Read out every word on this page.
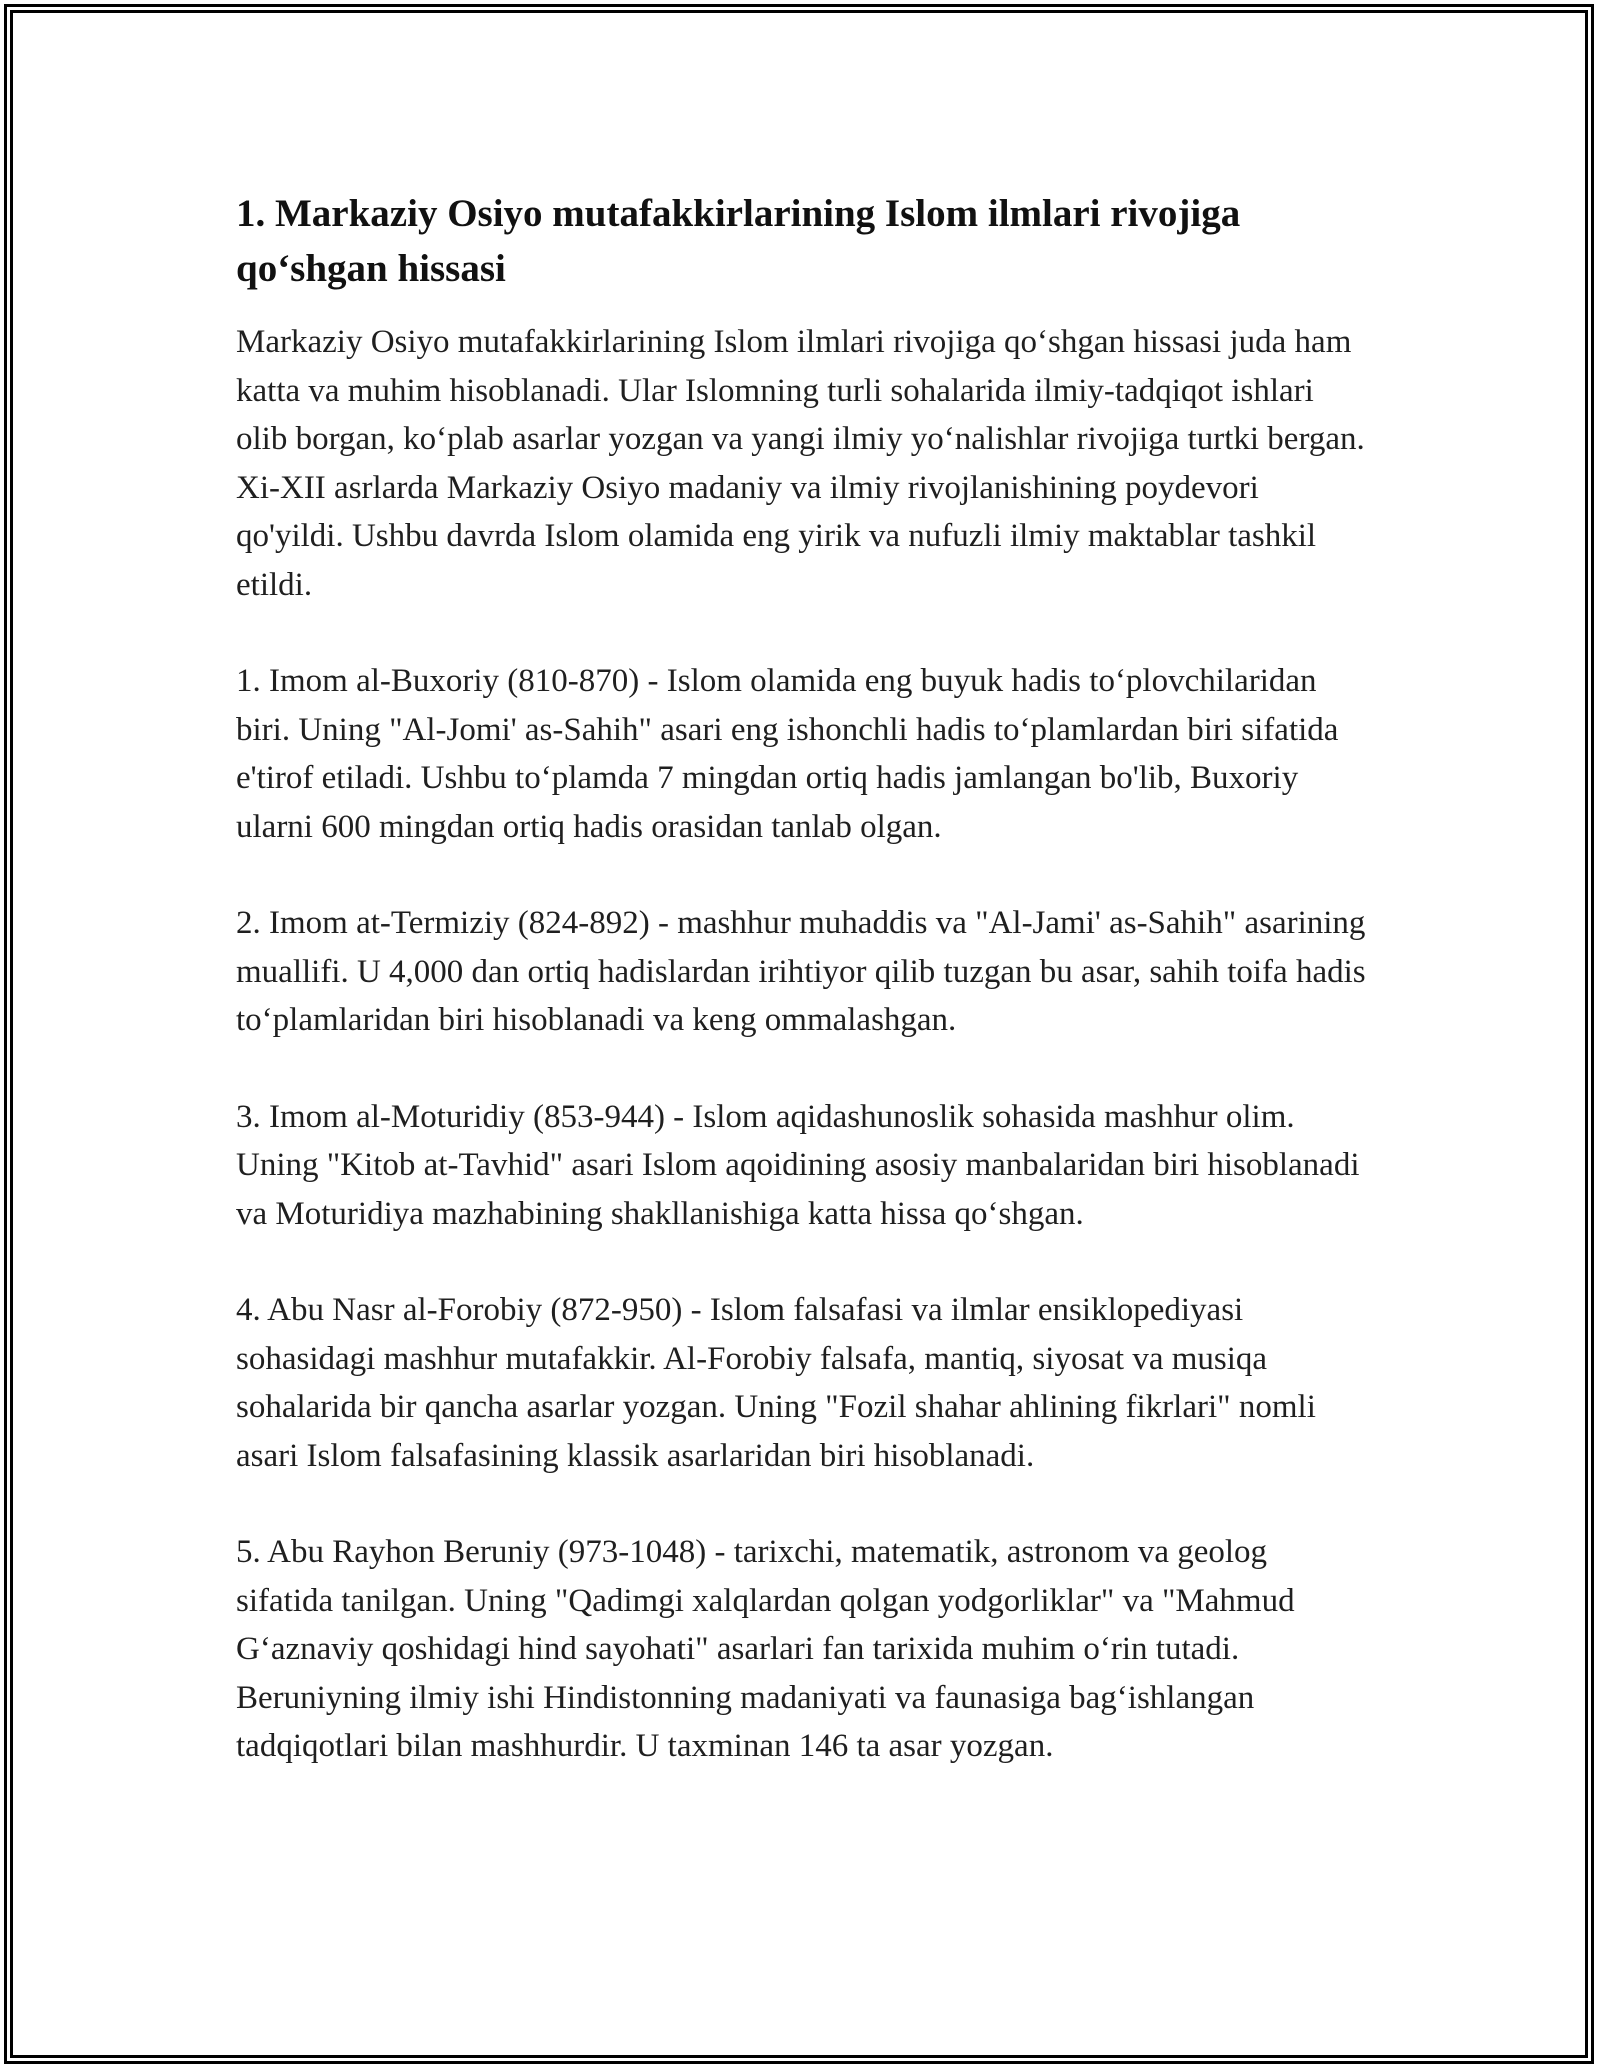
1. Markaziy Osiyo mutafakkirlarining Islom ilmlari rivojiga qo‘shgan hissasi

Markaziy Osiyo mutafakkirlarining Islom ilmlari rivojiga qo‘shgan hissasi juda ham katta va muhim hisoblanadi. Ular Islomning turli sohalarida ilmiy-tadqiqot ishlari olib borgan, ko‘plab asarlar yozgan va yangi ilmiy yo‘nalishlar rivojiga turtki bergan. Xi-XII asrlarda Markaziy Osiyo madaniy va ilmiy rivojlanishining poydevori qo'yildi. Ushbu davrda Islom olamida eng yirik va nufuzli ilmiy maktablar tashkil etildi.

1. Imom al-Buxoriy (810-870) - Islom olamida eng buyuk hadis to‘plovchilaridan biri. Uning "Al-Jomi' as-Sahih" asari eng ishonchli hadis to‘plamlardan biri sifatida e'tirof etiladi. Ushbu to‘plamda 7 mingdan ortiq hadis jamlangan bo'lib, Buxoriy ularni 600 mingdan ortiq hadis orasidan tanlab olgan.

2. Imom at-Termiziy (824-892) - mashhur muhaddis va "Al-Jami' as-Sahih" asarining muallifi. U 4,000 dan ortiq hadislardan irihtiyor qilib tuzgan bu asar, sahih toifa hadis to‘plamlaridan biri hisoblanadi va keng ommalashgan.

3. Imom al-Moturidiy (853-944) - Islom aqidashunoslik sohasida mashhur olim. Uning "Kitob at-Tavhid" asari Islom aqoidining asosiy manbalaridan biri hisoblanadi va Moturidiya mazhabining shakllanishiga katta hissa qo‘shgan.

4. Abu Nasr al-Forobiy (872-950) - Islom falsafasi va ilmlar ensiklopediyasi sohasidagi mashhur mutafakkir. Al-Forobiy falsafa, mantiq, siyosat va musiqa sohalarida bir qancha asarlar yozgan. Uning "Fozil shahar ahlining fikrlari" nomli asari Islom falsafasining klassik asarlaridan biri hisoblanadi.

5. Abu Rayhon Beruniy (973-1048) - tarixchi, matematik, astronom va geolog sifatida tanilgan. Uning "Qadimgi xalqlardan qolgan yodgorliklar" va "Mahmud G‘aznaviy qoshidagi hind sayohati" asarlari fan tarixida muhim o‘rin tutadi. Beruniyning ilmiy ishi Hindistonning madaniyati va faunasiga bag‘ishlangan tadqiqotlari bilan mashhurdir. U taxminan 146 ta asar yozgan.
